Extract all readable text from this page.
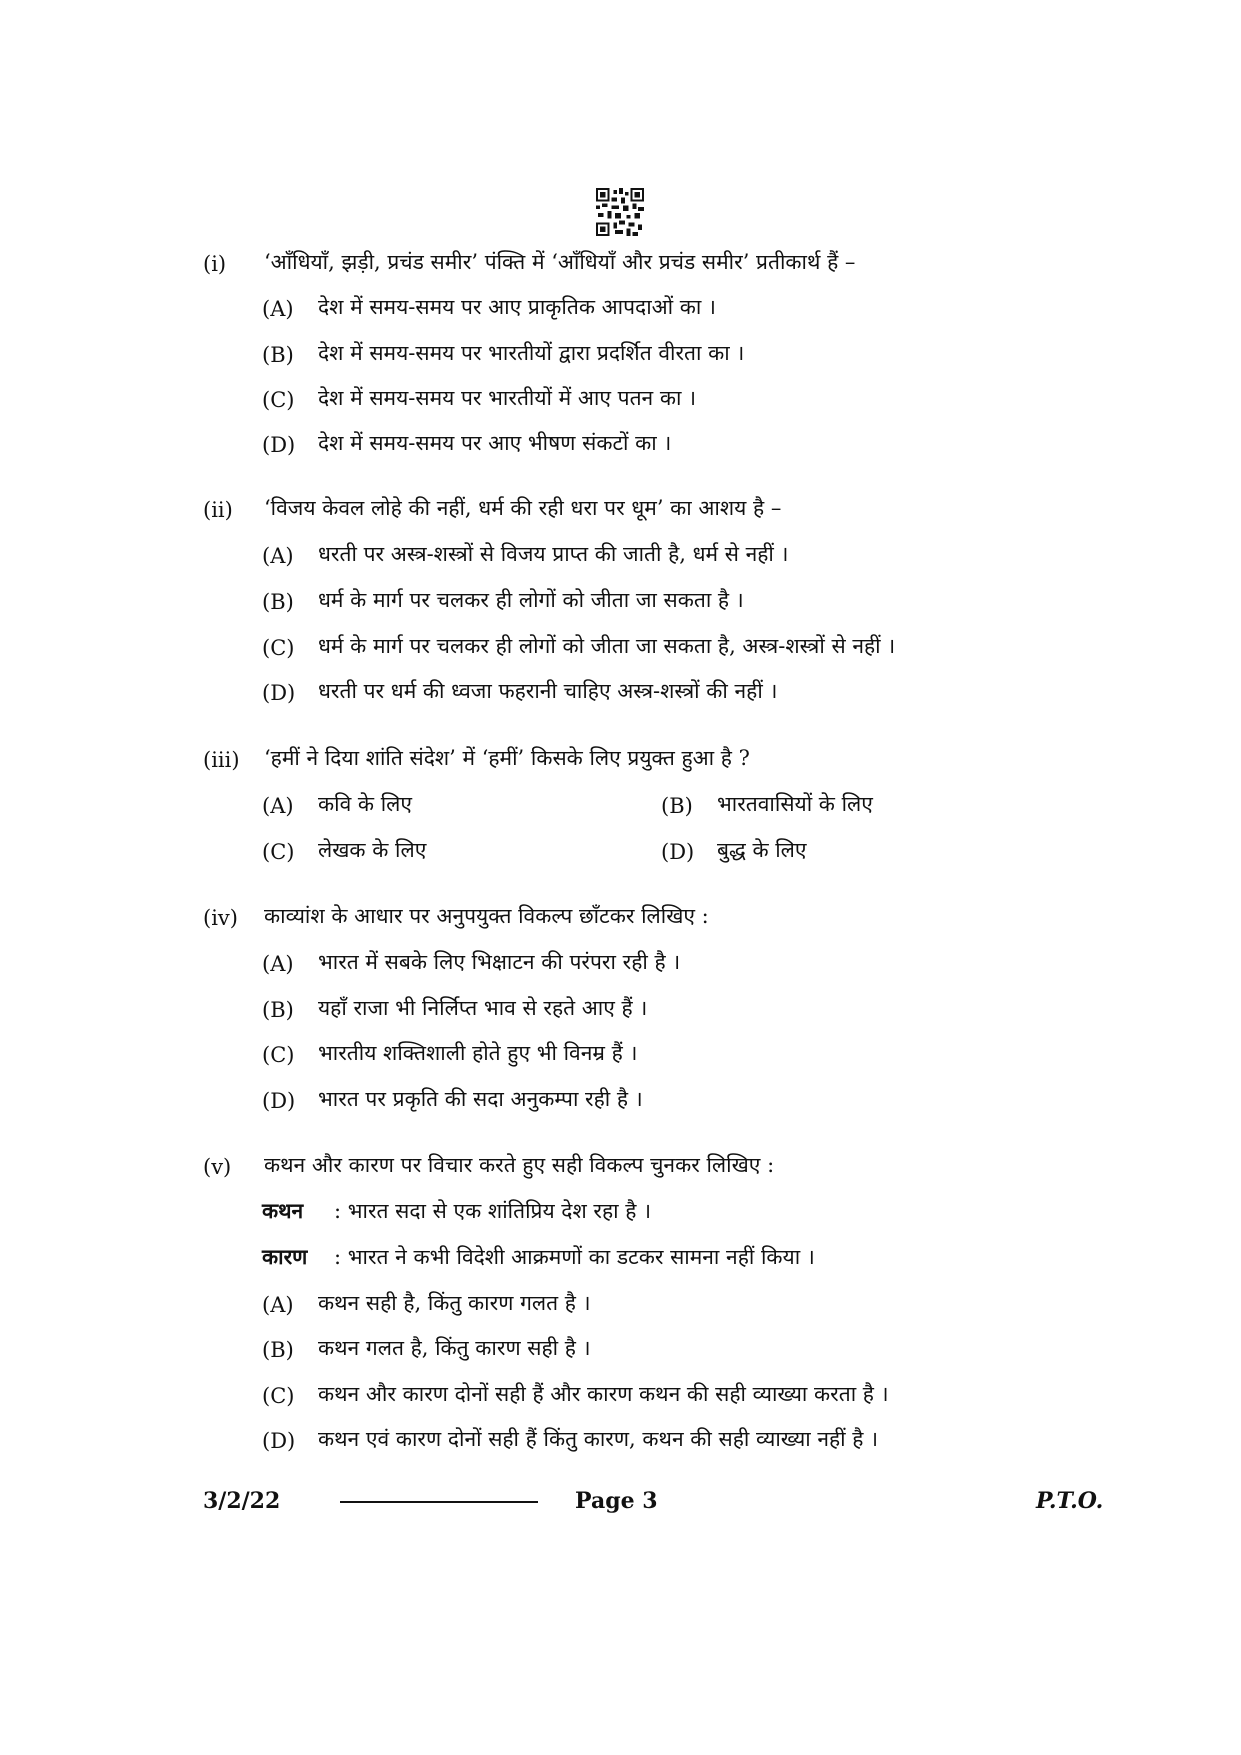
(i) ‘आँधियाँ, झड़ी, प्रचंड समीर’ पंक्ति में ‘आँधियाँ और प्रचंड समीर’ प्रतीकार्थ हैं –
(A) देश में समय-समय पर आए प्राकृतिक आपदाओं का ।
(B) देश में समय-समय पर भारतीयों द्वारा प्रदर्शित वीरता का ।
(C) देश में समय-समय पर भारतीयों में आए पतन का ।
(D) देश में समय-समय पर आए भीषण संकटों का ।
(ii) ‘विजय केवल लोहे की नहीं, धर्म की रही धरा पर धूम’ का आशय है –
(A) धरती पर अस्त्र-शस्त्रों से विजय प्राप्त की जाती है, धर्म से नहीं ।
(B) धर्म के मार्ग पर चलकर ही लोगों को जीता जा सकता है ।
(C) धर्म के मार्ग पर चलकर ही लोगों को जीता जा सकता है, अस्त्र-शस्त्रों से नहीं ।
(D) धरती पर धर्म की ध्वजा फहरानी चाहिए अस्त्र-शस्त्रों की नहीं ।
(iii) ‘हमीं ने दिया शांति संदेश’ में ‘हमीं’ किसके लिए प्रयुक्त हुआ है ?
(A) कवि के लिए	(B) भारतवासियों के लिए
(C) लेखक के लिए	(D) बुद्ध के लिए
(iv) काव्यांश के आधार पर अनुपयुक्त विकल्प छाँटकर लिखिए :
(A) भारत में सबके लिए भिक्षाटन की परंपरा रही है ।
(B) यहाँ राजा भी निर्लिप्त भाव से रहते आए हैं ।
(C) भारतीय शक्तिशाली होते हुए भी विनम्र हैं ।
(D) भारत पर प्रकृति की सदा अनुकम्पा रही है ।
(v) कथन और कारण पर विचार करते हुए सही विकल्प चुनकर लिखिए :
कथन : भारत सदा से एक शांतिप्रिय देश रहा है ।
कारण : भारत ने कभी विदेशी आक्रमणों का डटकर सामना नहीं किया ।
(A) कथन सही है, किंतु कारण गलत है ।
(B) कथन गलत है, किंतु कारण सही है ।
(C) कथन और कारण दोनों सही हैं और कारण कथन की सही व्याख्या करता है ।
(D) कथन एवं कारण दोनों सही हैं किंतु कारण, कथन की सही व्याख्या नहीं है ।
3/2/22	Page 3	P.T.O.
